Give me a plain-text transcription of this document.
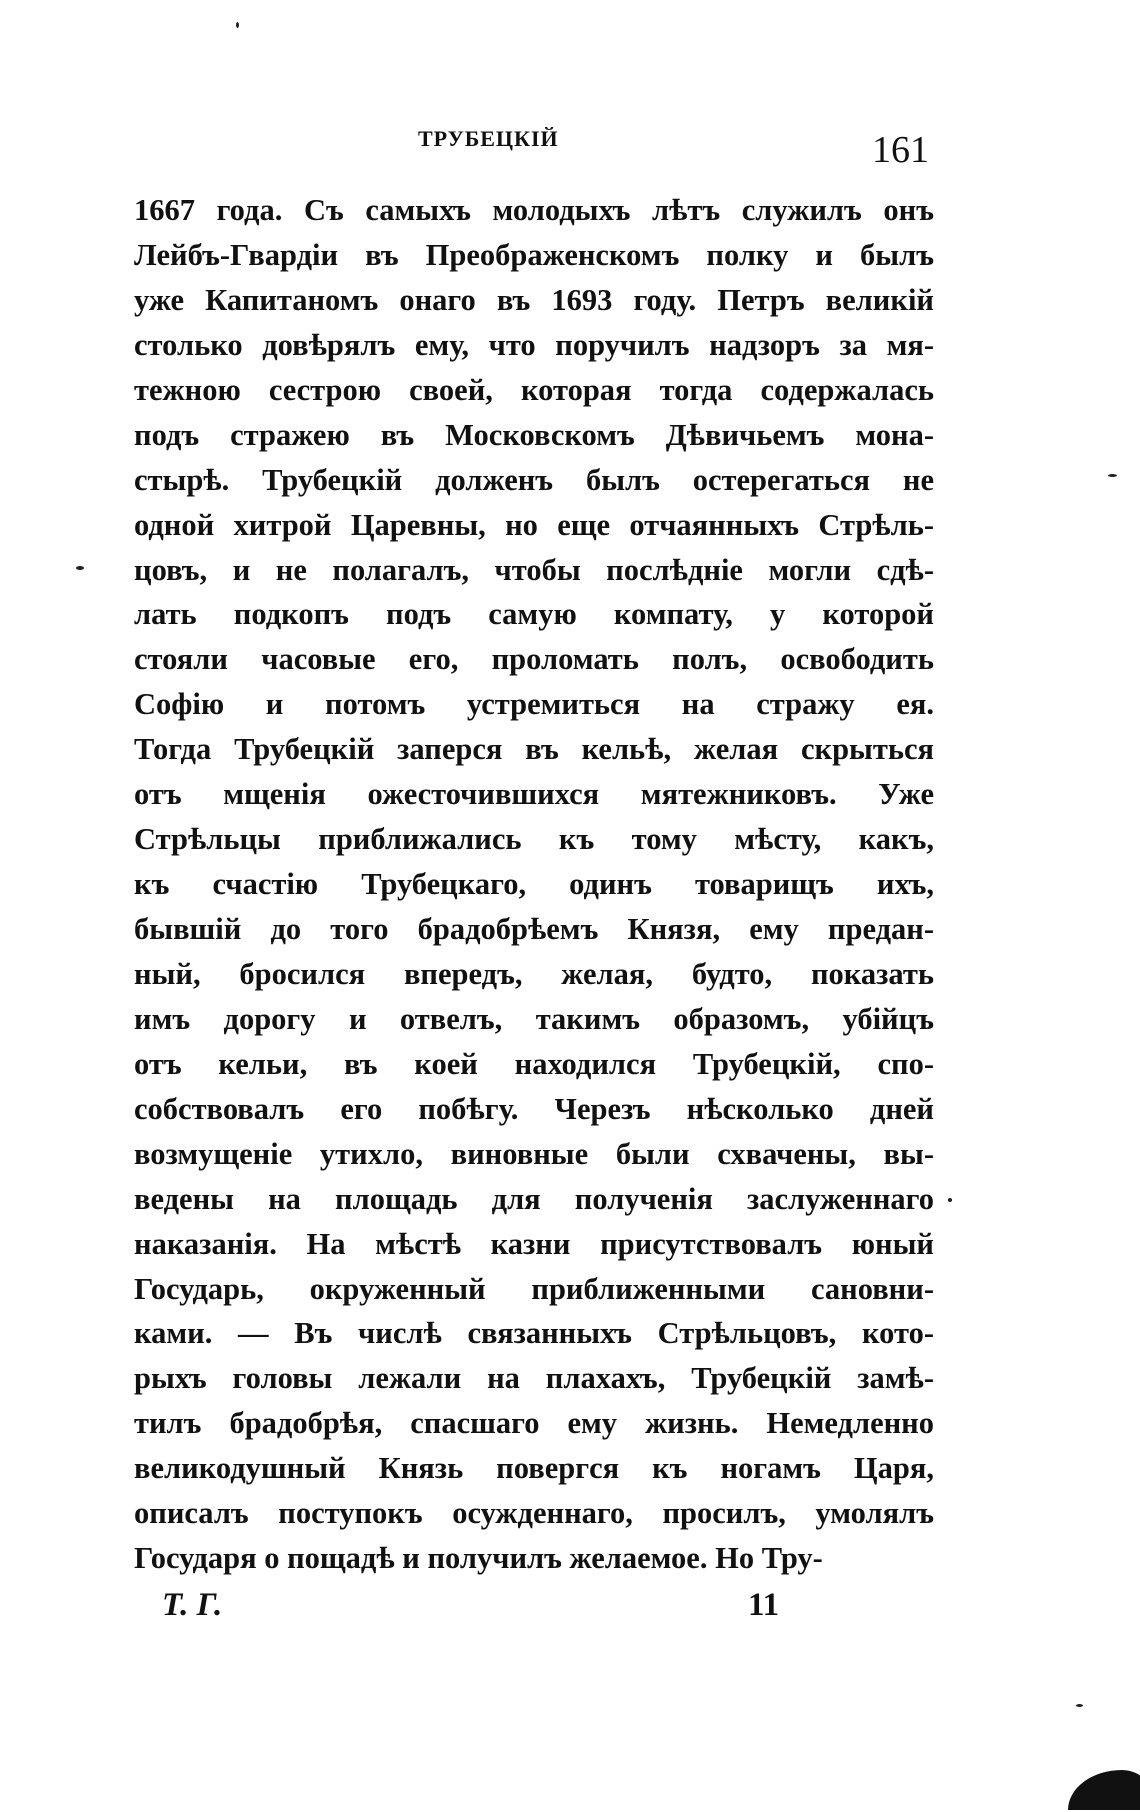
ТРУБЕЦКІЙ	161
1667 года. Съ самыхъ молодыхъ лѣтъ служилъ онъ
Лейбъ-Гвардіи въ Преображенскомъ полку и былъ
уже Капитаномъ онаго въ 1693 году. Петръ великій
столько довѣрялъ ему, что поручилъ надзоръ за мя-
тежною сестрою своей, которая тогда содержалась
подъ стражею въ Московскомъ Дѣвичьемъ мона-
стырѣ. Трубецкій долженъ былъ остерегаться не
одной хитрой Царевны, но еще отчаянныхъ Стрѣль-
цовъ, и не полагалъ, чтобы послѣдніе могли сдѣ-
лать подкопъ подъ самую компату, у которой
стояли часовые его, проломать полъ, освободить
Софію и потомъ устремиться на стражу ея.
Тогда Трубецкій заперся въ кельѣ, желая скрыться
отъ мщенія ожесточившихся мятежниковъ. Уже
Стрѣльцы приближались къ тому мѣсту, какъ,
къ счастію Трубецкаго, одинъ товарищъ ихъ,
бывшій до того брадобрѣемъ Князя, ему предан-
ный, бросился впередъ, желая, будто, показать
имъ дорогу и отвелъ, такимъ образомъ, убійцъ
отъ кельи, въ коей находился Трубецкій, спо-
собствовалъ его побѣгу. Черезъ нѣсколько дней
возмущеніе утихло, виновные были схвачены, вы-
ведены на площадь для полученія заслуженнаго
наказанія. На мѣстѣ казни присутствовалъ юный
Государь, окруженный приближенными сановни-
ками. — Въ числѣ связанныхъ Стрѣльцовъ, кото-
рыхъ головы лежали на плахахъ, Трубецкій замѣ-
тилъ брадобрѣя, спасшаго ему жизнь. Немедленно
великодушный Князь повергся къ ногамъ Царя,
описалъ поступокъ осужденнаго, просилъ, умолялъ
Государя о пощадѣ и получилъ желаемое. Но Тру-
Т. Г.	11
